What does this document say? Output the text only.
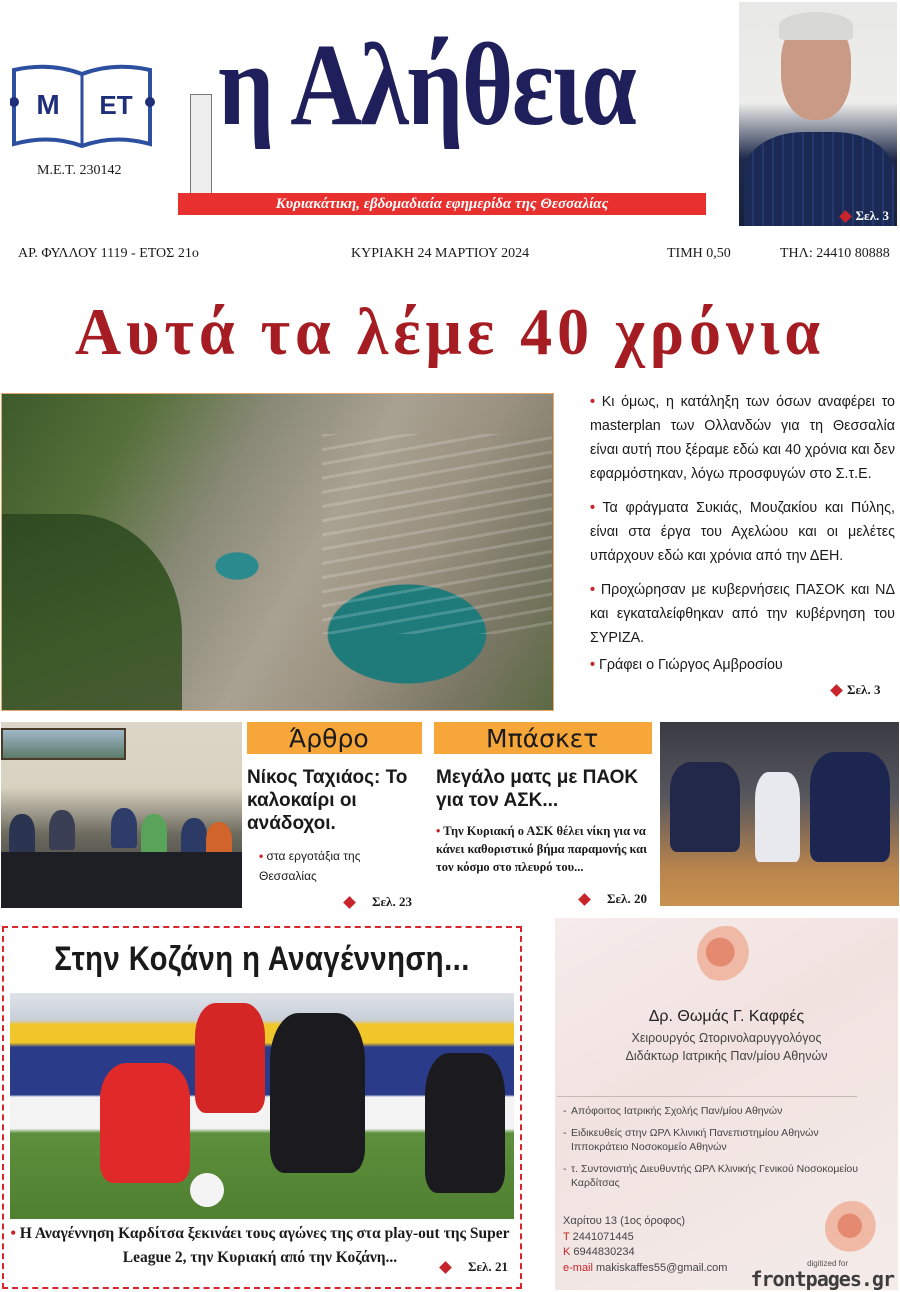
Μ ΕΤ
Μ.Ε.Τ. 230142
η Αλήθεια
Κυριακάτικη, εβδομαδιαία εφημερίδα της Θεσσαλίας
Σελ. 3
ΑΡ. ΦΥΛΛΟΥ 1119 - ΕΤΟΣ 21ο	ΚΥΡΙΑΚΗ 24 ΜΑΡΤΙΟΥ 2024	ΤΙΜΗ 0,50	ΤΗΛ: 24410 80888
Αυτά τα λέμε 40 χρόνια

• Κι όμως, η κατάληξη των όσων αναφέρει το masterplan των Ολλανδών για τη Θεσσαλία είναι αυτή που ξέραμε εδώ και 40 χρόνια και δεν εφαρμόστηκαν, λόγω προσφυγών στο Σ.τ.Ε.

• Τα φράγματα Συκιάς, Μουζακίου και Πύλης, είναι στα έργα του Αχελώου και οι μελέτες υπάρχουν εδώ και χρόνια από την ΔΕΗ.

• Προχώρησαν με κυβερνήσεις ΠΑΣΟΚ και ΝΔ και εγκαταλείφθηκαν από την κυβέρνηση του ΣΥΡΙΖΑ.

• Γράφει ο Γιώργος Αμβροσίου
Σελ. 3
Άρθρο
Νίκος Ταχιάος: Το καλοκαίρι οι ανάδοχοι.
• στα εργοτάξια της Θεσσαλίας
Σελ. 23
Μπάσκετ
Μεγάλο ματς με ΠΑΟΚ για τον ΑΣΚ...
• Την Κυριακή ο ΑΣΚ θέλει νίκη για να κάνει καθοριστικό βήμα παραμονής και τον κόσμο στο πλευρό του...
Σελ. 20
Στην Κοζάνη η Αναγέννηση...
• Η Αναγέννηση Καρδίτσα ξεκινάει τους αγώνες της στα play-out της Super League 2, την Κυριακή από την Κοζάνη...
Σελ. 21
Δρ. Θωμάς Γ. Καφφές
Χειρουργός Ωτορινολαρυγγολόγος
Διδάκτωρ Ιατρικής Παν/μίου Αθηνών
- Απόφοιτος Ιατρικής Σχολής Παν/μίου Αθηνών
- Ειδικευθείς στην ΩΡΛ Κλινική Πανεπιστημίου Αθηνών Ιπποκράτειο Νοσοκομείο Αθηνών
- τ. Συντονιστής Διευθυντής ΩΡΛ Κλινικής Γενικού Νοσοκομείου Καρδίτσας
Χαρίτου 13 (1ος όροφος)
Τ 2441071445
Κ 6944830234
e-mail makiskaffes55@gmail.com	digitized for
frontpages.gr
